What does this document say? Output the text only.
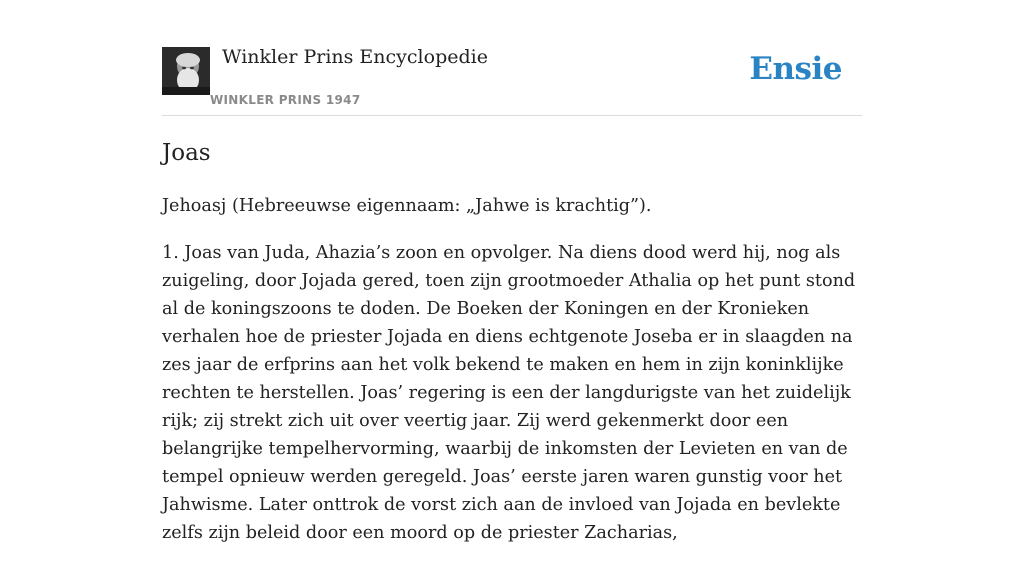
Winkler Prins Encyclopedie
WINKLER PRINS 1947
Ensie
Joas

Jehoasj (Hebreeuwse eigennaam: „Jahwe is krachtig”).

1. Joas van Juda, Ahazia’s zoon en opvolger. Na diens dood werd hij, nog als zuigeling, door Jojada gered, toen zijn grootmoeder Athalia op het punt stond al de koningszoons te doden. De Boeken der Koningen en der Kronieken verhalen hoe de priester Jojada en diens echtgenote Joseba er in slaagden na zes jaar de erfprins aan het volk bekend te maken en hem in zijn koninklijke rechten te herstellen. Joas’ regering is een der langdurigste van het zuidelijk rijk; zij strekt zich uit over veertig jaar. Zij werd gekenmerkt door een belangrijke tempelhervorming, waarbij de inkomsten der Levieten en van de tempel opnieuw werden geregeld. Joas’ eerste jaren waren gunstig voor het Jahwisme. Later onttrok de vorst zich aan de invloed van Jojada en bevlekte zelfs zijn beleid door een moord op de priester Zacharias,
